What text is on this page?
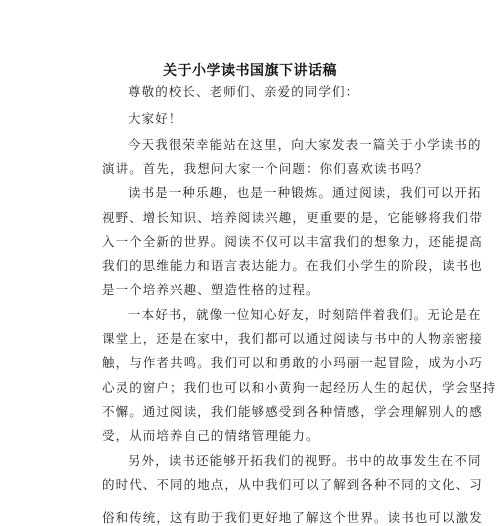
关于小学读书国旗下讲话稿
尊敬的校长、老师们、亲爱的同学们：
大家好！
今天我很荣幸能站在这里，向大家发表一篇关于小学读书的
演讲。首先，我想问大家一个问题：你们喜欢读书吗？
读书是一种乐趣，也是一种锻炼。通过阅读，我们可以开拓
视野、增长知识、培养阅读兴趣，更重要的是，它能够将我们带
入一个全新的世界。阅读不仅可以丰富我们的想象力，还能提高
我们的思维能力和语言表达能力。在我们小学生的阶段，读书也
是一个培养兴趣、塑造性格的过程。
一本好书，就像一位知心好友，时刻陪伴着我们。无论是在
课堂上，还是在家中，我们都可以通过阅读与书中的人物亲密接
触，与作者共鸣。我们可以和勇敢的小玛丽一起冒险，成为小巧
心灵的窗户；我们也可以和小黄狗一起经历人生的起伏，学会坚持
不懈。通过阅读，我们能够感受到各种情感，学会理解别人的感
受，从而培养自己的情绪管理能力。
另外，读书还能够开拓我们的视野。书中的故事发生在不同
的时代、不同的地点，从中我们可以了解到各种不同的文化、习
俗和传统，这有助于我们更好地了解这个世界。读书也可以激发
